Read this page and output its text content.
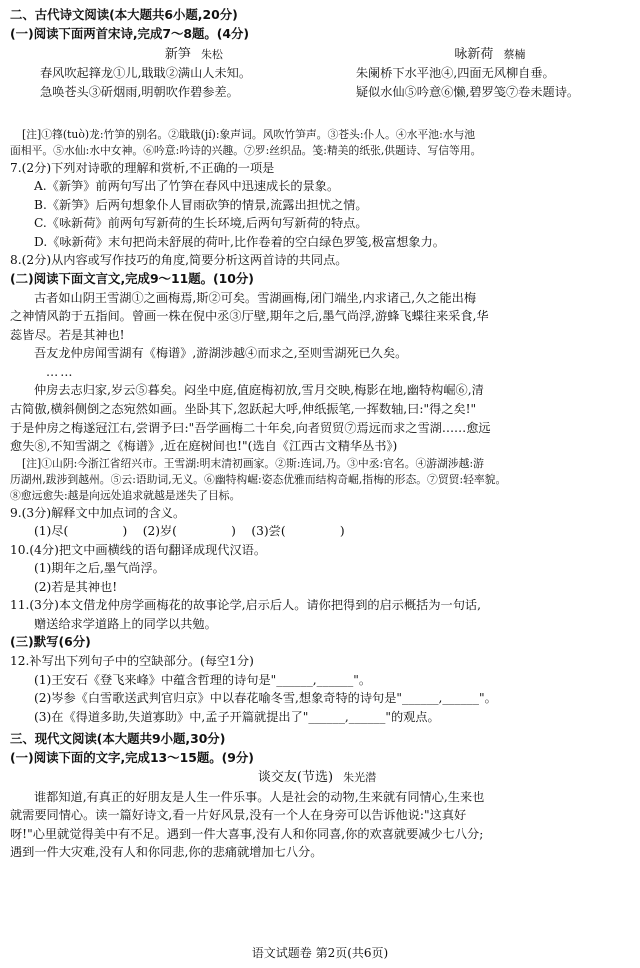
二、古代诗文阅读(本大题共6小题,20分)
(一)阅读下面两首宋诗,完成7～8题。(4分)
新笋 朱松
春风吹起箨龙①儿,戢戢②满山人未知。
急唤苍头③斫烟雨,明朝吹作碧参差。
咏新荷 蔡楠
朱阑桥下水平池④,四面无风柳自垂。
疑似水仙⑤吟意⑥懒,碧罗笺⑦卷未题诗。
[注]①箨(tuò)龙:竹笋的别名。②戢戢(jí):象声词。风吹竹笋声。③苍头:仆人。④水平池:水与池
面相平。⑤水仙:水中女神。⑥吟意:吟诗的兴趣。⑦罗:丝织品。笺:精美的纸张,供题诗、写信等用。
7.(2分)下列对诗歌的理解和赏析,不正确的一项是
A.《新笋》前两句写出了竹笋在春风中迅速成长的景象。
B.《新笋》后两句想象仆人冒雨砍笋的情景,流露出担忧之情。
C.《咏新荷》前两句写新荷的生长环境,后两句写新荷的特点。
D.《咏新荷》末句把尚未舒展的荷叶,比作卷着的空白绿色罗笺,极富想象力。
8.(2分)从内容或写作技巧的角度,简要分析这两首诗的共同点。
(二)阅读下面文言文,完成9～11题。(10分)
古者如山阴王雪湖①之画梅焉,斯②可矣。雪湖画梅,闭门端坐,内求诸己,久之能出梅
之神情风韵于五指间。曾画一株在倪中丞③厅壁,期年之后,墨气尚浮,游蜂飞蝶往来采食,华
蕊皆尽。若是其神也!
吾友龙仲房闻雪湖有《梅谱》,游湖涉越④而求之,至则雪湖死已久矣。
……
仲房去志归家,岁云⑤暮矣。闷坐中庭,值庭梅初放,雪月交映,梅影在地,幽特构崛⑥,清
古简傲,横斜侧倒之态宛然如画。坐卧其下,忽跃起大呼,伸纸振笔,一挥数轴,曰:"得之矣!"
于是仲房之梅遂冠江右,尝谓予曰:"吾学画梅二十年矣,向者贸贸⑦焉远而求之雪湖……愈远
愈失⑧,不知雪湖之《梅谱》,近在庭树间也!"(选自《江西古文精华丛书》)
[注]①山阴:今浙江省绍兴市。王雪湖:明末清初画家。②斯:连词,乃。③中丞:官名。④游湖涉越:游
历湖州,跋涉到越州。⑤云:语助词,无义。⑥幽特构崛:姿态优雅而结构奇崛,指梅的形态。⑦贸贸:轻率貌。
⑧愈远愈失:越是向远处追求就越是迷失了目标。
9.(3分)解释文中加点词的含义。
(1)尽(              )    (2)岁(              )    (3)尝(              )
10.(4分)把文中画横线的语句翻译成现代汉语。
(1)期年之后,墨气尚浮。
(2)若是其神也!
11.(3分)本文借龙仲房学画梅花的故事论学,启示后人。请你把得到的启示概括为一句话,
赠送给求学道路上的同学以共勉。
(三)默写(6分)
12.补写出下列句子中的空缺部分。(每空1分)
(1)王安石《登飞来峰》中蕴含哲理的诗句是"______,______"。
(2)岑参《白雪歌送武判官归京》中以春花喻冬雪,想象奇特的诗句是"______,______"。
(3)在《得道多助,失道寡助》中,孟子开篇就提出了"______,______"的观点。
三、现代文阅读(本大题共9小题,30分)
(一)阅读下面的文字,完成13～15题。(9分)
谈交友(节选) 朱光潜
谁都知道,有真正的好朋友是人生一件乐事。人是社会的动物,生来就有同情心,生来也
就需要同情心。读一篇好诗文,看一片好风景,没有一个人在身旁可以告诉他说:"这真好
呀!"心里就觉得美中有不足。遇到一件大喜事,没有人和你同喜,你的欢喜就要减少七八分;
遇到一件大灾难,没有人和你同悲,你的悲痛就增加七八分。
语文试题卷 第2页(共6页)
